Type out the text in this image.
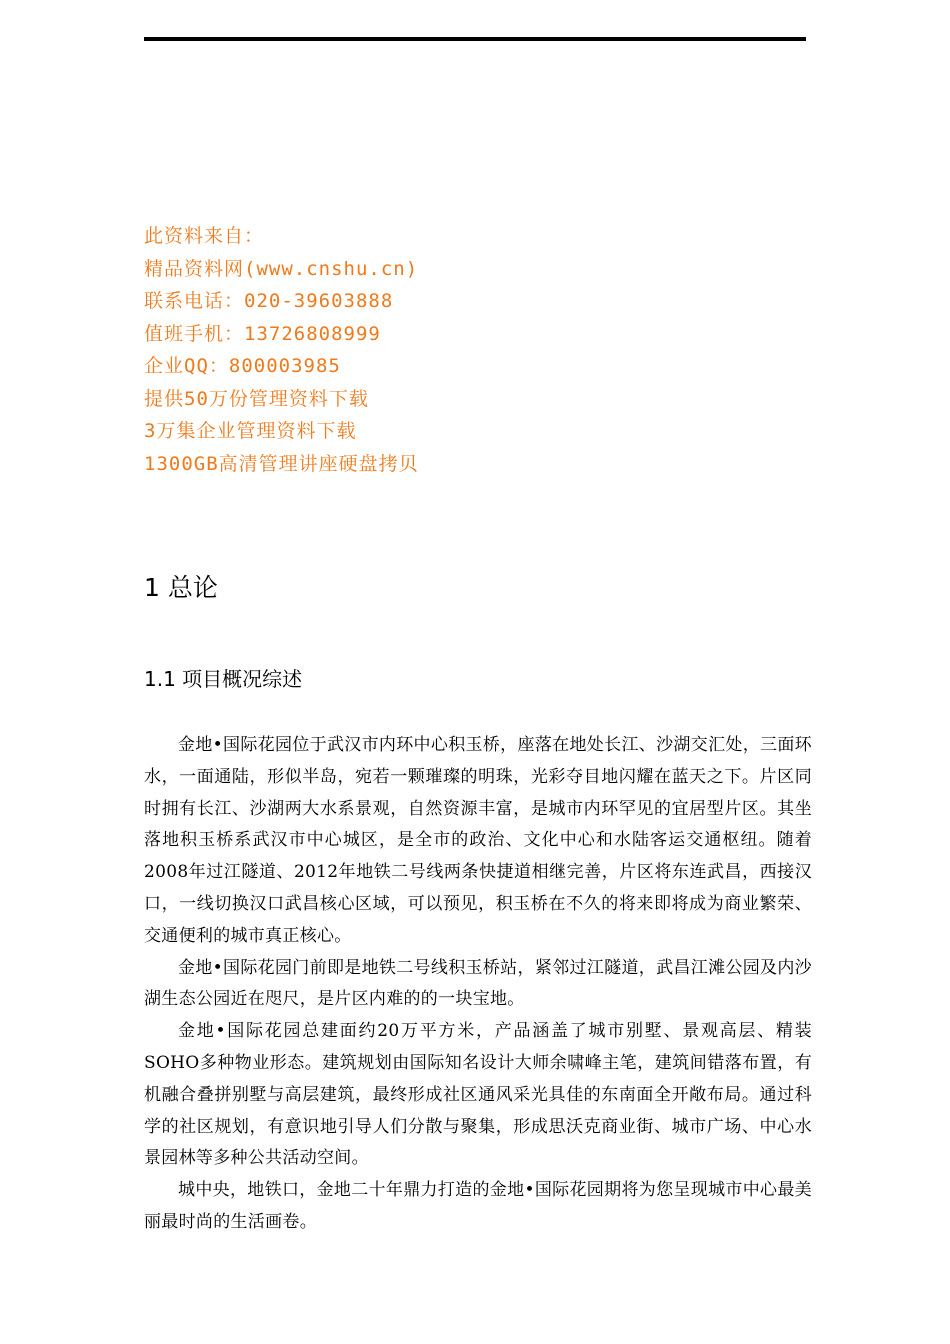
此资料来自：
精品资料网(www.cnshu.cn)
联系电话：020-39603888
值班手机：13726808999
企业QQ：800003985
提供50万份管理资料下载
3万集企业管理资料下载
1300GB高清管理讲座硬盘拷贝
1 总论
1.1 项目概况综述

金地•国际花园位于武汉市内环中心积玉桥，座落在地处长江、沙湖交汇处，三面环水，一面通陆，形似半岛，宛若一颗璀璨的明珠，光彩夺目地闪耀在蓝天之下。片区同时拥有长江、沙湖两大水系景观，自然资源丰富，是城市内环罕见的宜居型片区。其坐落地积玉桥系武汉市中心城区，是全市的政治、文化中心和水陆客运交通枢纽。随着2008年过江隧道、2012年地铁二号线两条快捷道相继完善，片区将东连武昌，西接汉口，一线切换汉口武昌核心区域，可以预见，积玉桥在不久的将来即将成为商业繁荣、交通便利的城市真正核心。

金地•国际花园门前即是地铁二号线积玉桥站，紧邻过江隧道，武昌江滩公园及内沙湖生态公园近在咫尺，是片区内难的的一块宝地。

金地•国际花园总建面约20万平方米，产品涵盖了城市别墅、景观高层、精装SOHO多种物业形态。建筑规划由国际知名设计大师余啸峰主笔，建筑间错落布置，有机融合叠拼别墅与高层建筑，最终形成社区通风采光具佳的东南面全开敞布局。通过科学的社区规划，有意识地引导人们分散与聚集，形成思沃克商业街、城市广场、中心水景园林等多种公共活动空间。

城中央，地铁口，金地二十年鼎力打造的金地•国际花园期将为您呈现城市中心最美丽最时尚的生活画卷。
